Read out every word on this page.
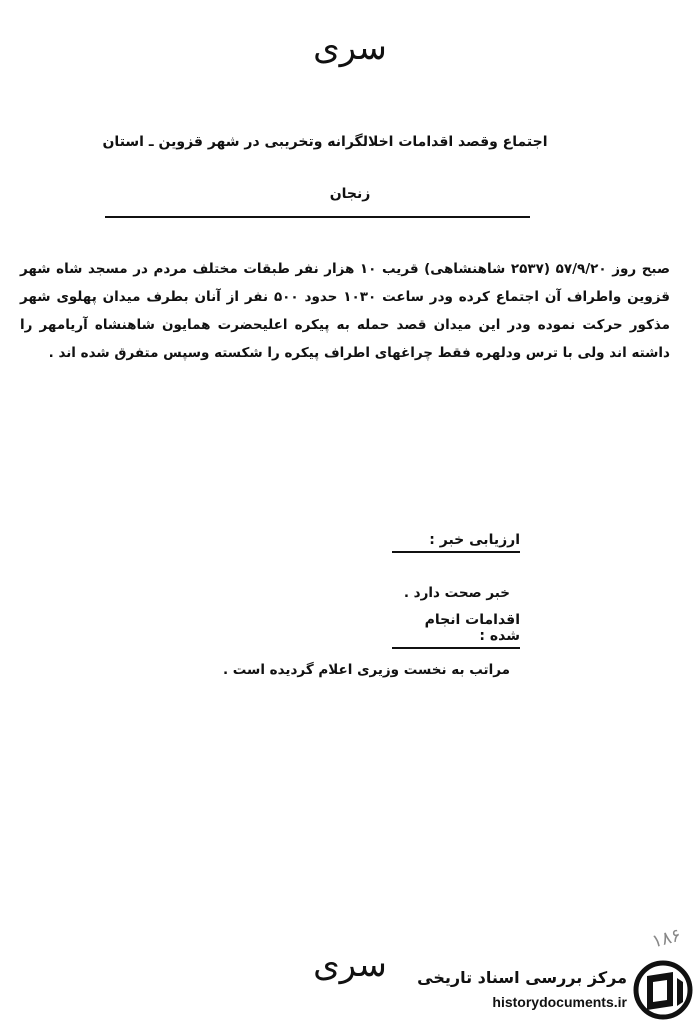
سری
اجتماع وقصد اقدامات اخلالگرانه وتخریبی در شهر قزوین ـ استان
زنجان

صبح روز ۵۷/۹/۲۰ (۲۵۳۷ شاهنشاهی) قریب ۱۰ هزار نفر طبقات مختلف مردم در مسجد شاه شهر قزوین واطراف آن اجتماع کرده ودر ساعت ۱۰۳۰ حدود ۵۰۰ نفر از آنان بطرف میدان پهلوی شهر مذکور حرکت نموده ودر این میدان قصد حمله به پیکره اعلیحضرت همایون شاهنشاه آریامهر را داشته اند ولی با ترس ودلهره فقط چراغهای اطراف پیکره را شکسته وسپس متفرق شده اند .

ارزیابی خبر :
خبر صحت دارد .
اقدامات انجام شده :
مراتب به نخست وزیری اعلام گردیده است .
۱۸۶
سری	مرکز بررسی اسناد تاریخی
historydocuments.ir
